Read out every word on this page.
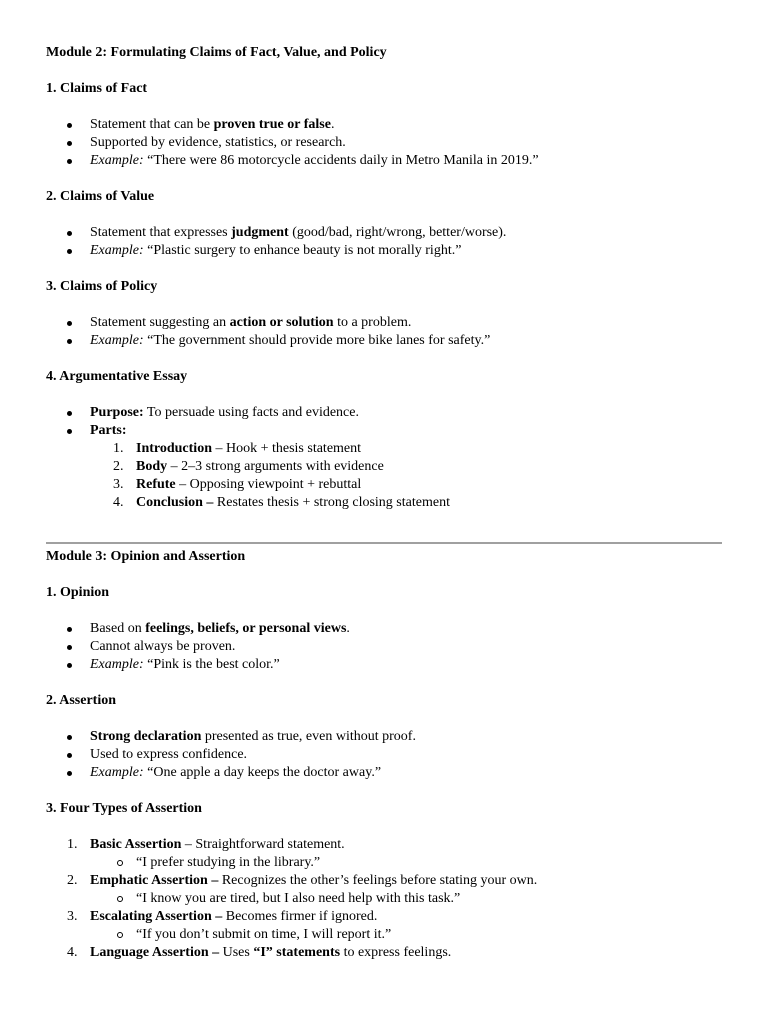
Module 2: Formulating Claims of Fact, Value, and Policy
1. Claims of Fact
Statement that can be proven true or false.
Supported by evidence, statistics, or research.
Example: “There were 86 motorcycle accidents daily in Metro Manila in 2019.”
2. Claims of Value
Statement that expresses judgment (good/bad, right/wrong, better/worse).
Example: “Plastic surgery to enhance beauty is not morally right.”
3. Claims of Policy
Statement suggesting an action or solution to a problem.
Example: “The government should provide more bike lanes for safety.”
4. Argumentative Essay
Purpose: To persuade using facts and evidence.
Parts:
1. Introduction – Hook + thesis statement
2. Body – 2–3 strong arguments with evidence
3. Refute – Opposing viewpoint + rebuttal
4. Conclusion – Restates thesis + strong closing statement
Module 3: Opinion and Assertion
1. Opinion
Based on feelings, beliefs, or personal views.
Cannot always be proven.
Example: “Pink is the best color.”
2. Assertion
Strong declaration presented as true, even without proof.
Used to express confidence.
Example: “One apple a day keeps the doctor away.”
3. Four Types of Assertion
1. Basic Assertion – Straightforward statement.
“I prefer studying in the library.”
2. Emphatic Assertion – Recognizes the other’s feelings before stating your own.
“I know you are tired, but I also need help with this task.”
3. Escalating Assertion – Becomes firmer if ignored.
“If you don’t submit on time, I will report it.”
4. Language Assertion – Uses “I” statements to express feelings.
